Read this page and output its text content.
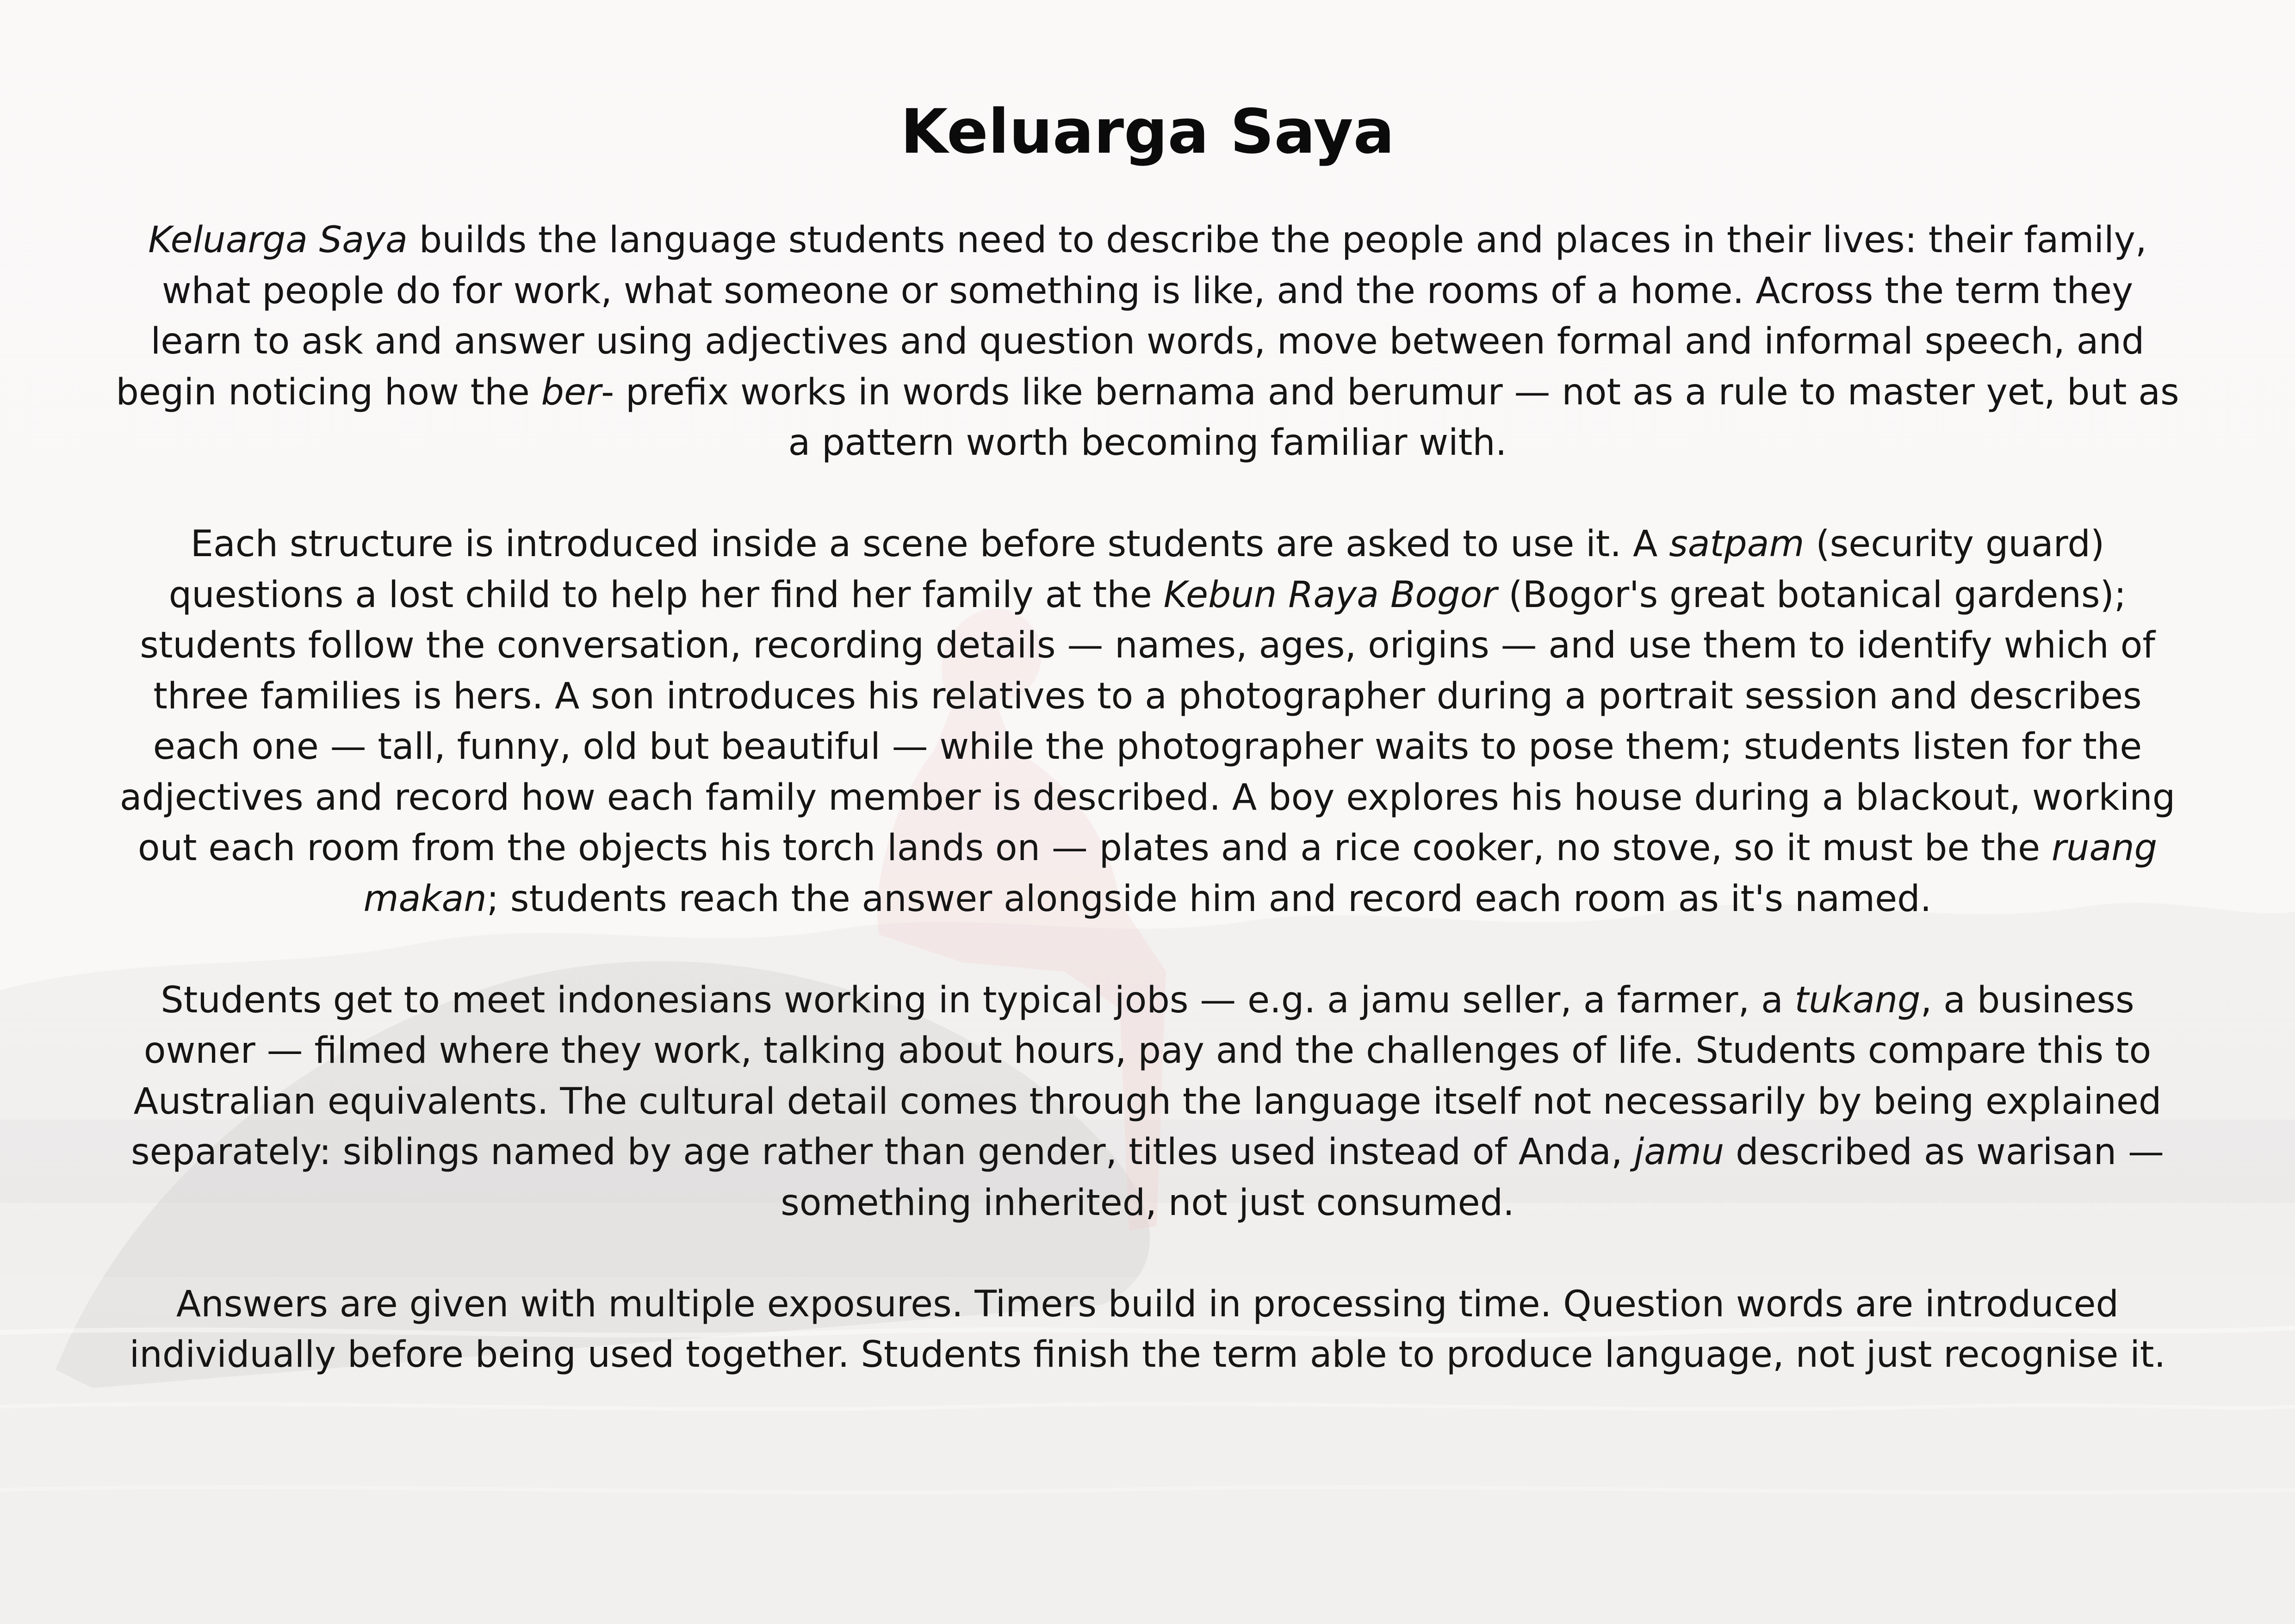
Keluarga Saya

Keluarga Saya builds the language students need to describe the people and places in their lives: their family, what people do for work, what someone or something is like, and the rooms of a home. Across the term they learn to ask and answer using adjectives and question words, move between formal and informal speech, and begin noticing how the ber- prefix works in words like bernama and berumur — not as a rule to master yet, but as a pattern worth becoming familiar with.

Each structure is introduced inside a scene before students are asked to use it. A satpam (security guard) questions a lost child to help her find her family at the Kebun Raya Bogor (Bogor's great botanical gardens); students follow the conversation, recording details — names, ages, origins — and use them to identify which of three families is hers. A son introduces his relatives to a photographer during a portrait session and describes each one — tall, funny, old but beautiful — while the photographer waits to pose them; students listen for the adjectives and record how each family member is described. A boy explores his house during a blackout, working out each room from the objects his torch lands on — plates and a rice cooker, no stove, so it must be the ruang makan; students reach the answer alongside him and record each room as it's named.

Students get to meet indonesians working in typical jobs — e.g. a jamu seller, a farmer, a tukang, a business owner — filmed where they work, talking about hours, pay and the challenges of life. Students compare this to Australian equivalents. The cultural detail comes through the language itself not necessarily by being explained separately: siblings named by age rather than gender, titles used instead of Anda, jamu described as warisan — something inherited, not just consumed.

Answers are given with multiple exposures. Timers build in processing time. Question words are introduced individually before being used together. Students finish the term able to produce language, not just recognise it.
